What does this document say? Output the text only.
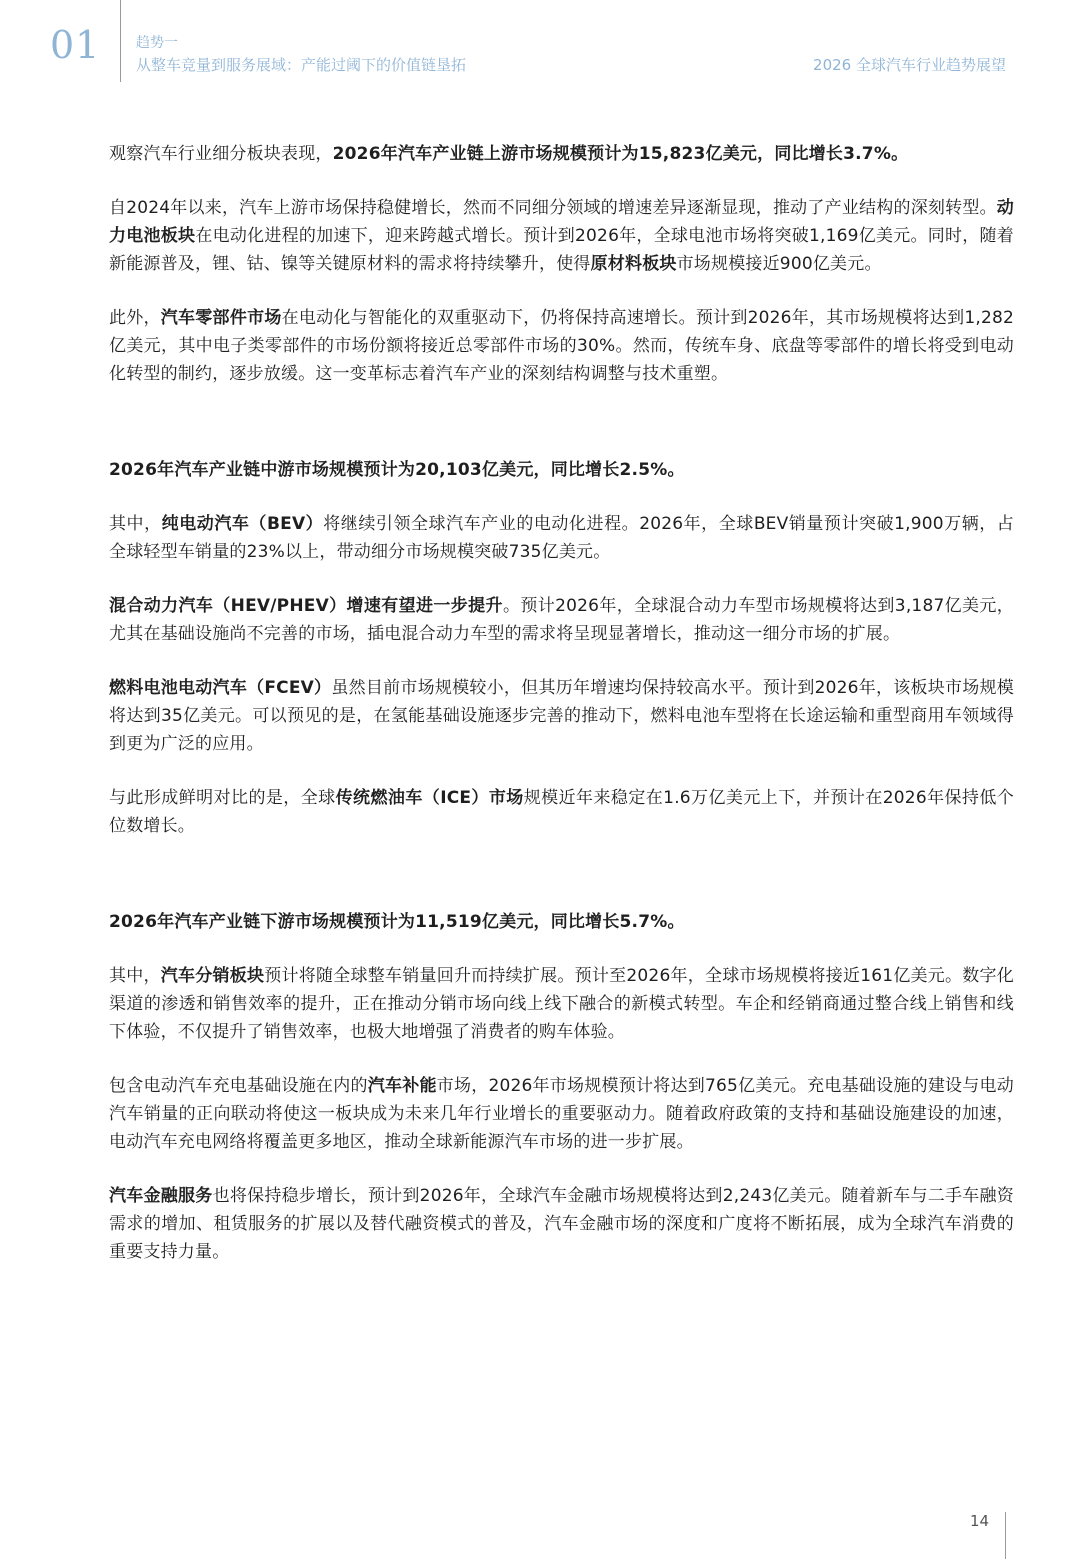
01	趋势一
从整车竞量到服务展域：产能过阈下的价值链垦拓	2026 全球汽车行业趋势展望

观察汽车行业细分板块表现，2026年汽车产业链上游市场规模预计为15,823亿美元，同比增长3.7%。

自2024年以来，汽车上游市场保持稳健增长，然而不同细分领域的增速差异逐渐显现，推动了产业结构的深刻转型。动力电池板块在电动化进程的加速下，迎来跨越式增长。预计到2026年，全球电池市场将突破1,169亿美元。同时，随着新能源普及，锂、钴、镍等关键原材料的需求将持续攀升，使得原材料板块市场规模接近900亿美元。

此外，汽车零部件市场在电动化与智能化的双重驱动下，仍将保持高速增长。预计到2026年，其市场规模将达到1,282亿美元，其中电子类零部件的市场份额将接近总零部件市场的30%。然而，传统车身、底盘等零部件的增长将受到电动化转型的制约，逐步放缓。这一变革标志着汽车产业的深刻结构调整与技术重塑。

2026年汽车产业链中游市场规模预计为20,103亿美元，同比增长2.5%。

其中，纯电动汽车（BEV）将继续引领全球汽车产业的电动化进程。2026年，全球BEV销量预计突破1,900万辆，占全球轻型车销量的23%以上，带动细分市场规模突破735亿美元。

混合动力汽车（HEV/PHEV）增速有望进一步提升。预计2026年，全球混合动力车型市场规模将达到3,187亿美元，尤其在基础设施尚不完善的市场，插电混合动力车型的需求将呈现显著增长，推动这一细分市场的扩展。

燃料电池电动汽车（FCEV）虽然目前市场规模较小，但其历年增速均保持较高水平。预计到2026年，该板块市场规模将达到35亿美元。可以预见的是，在氢能基础设施逐步完善的推动下，燃料电池车型将在长途运输和重型商用车领域得到更为广泛的应用。

与此形成鲜明对比的是，全球传统燃油车（ICE）市场规模近年来稳定在1.6万亿美元上下，并预计在2026年保持低个位数增长。

2026年汽车产业链下游市场规模预计为11,519亿美元，同比增长5.7%。

其中，汽车分销板块预计将随全球整车销量回升而持续扩展。预计至2026年，全球市场规模将接近161亿美元。数字化渠道的渗透和销售效率的提升，正在推动分销市场向线上线下融合的新模式转型。车企和经销商通过整合线上销售和线下体验，不仅提升了销售效率，也极大地增强了消费者的购车体验。

包含电动汽车充电基础设施在内的汽车补能市场，2026年市场规模预计将达到765亿美元。充电基础设施的建设与电动汽车销量的正向联动将使这一板块成为未来几年行业增长的重要驱动力。随着政府政策的支持和基础设施建设的加速，电动汽车充电网络将覆盖更多地区，推动全球新能源汽车市场的进一步扩展。

汽车金融服务也将保持稳步增长，预计到2026年，全球汽车金融市场规模将达到2,243亿美元。随着新车与二手车融资需求的增加、租赁服务的扩展以及替代融资模式的普及，汽车金融市场的深度和广度将不断拓展，成为全球汽车消费的重要支持力量。

14
